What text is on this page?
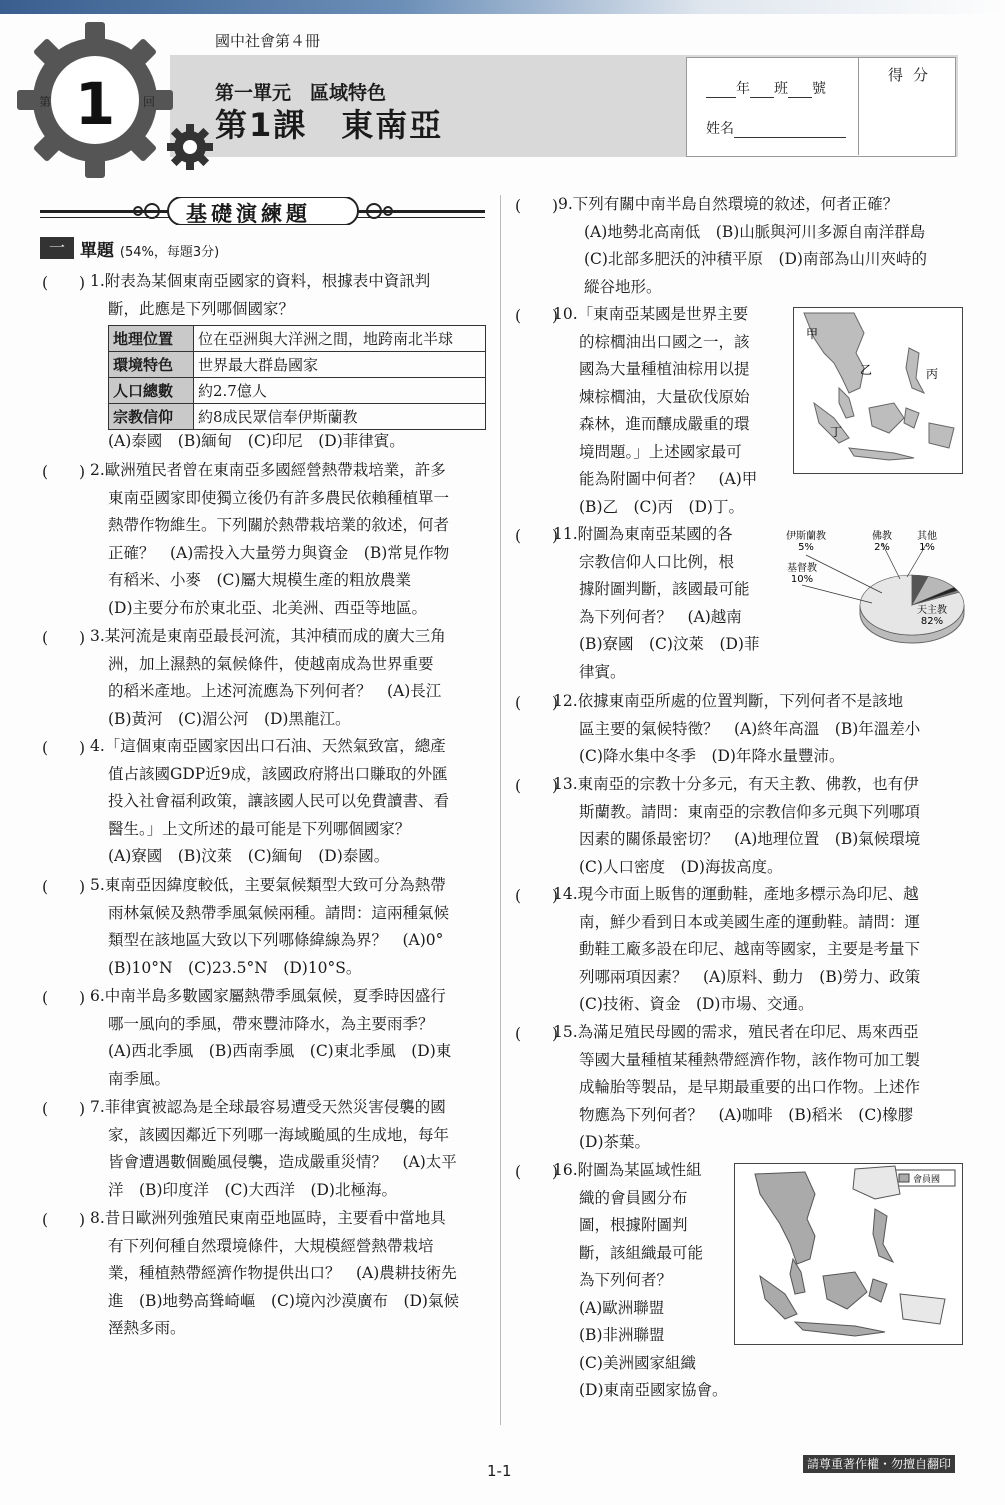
第 1 回
國中社會第４冊
第一單元　區域特色
第1課　東南亞
得分
年 班 號
姓名
基礎演練題
一 單題 (54%，每題3分)
(　　) 1.附表為某個東南亞國家的資料，根據表中資訊判
斷，此應是下列哪個國家？
(A)泰國　(B)緬甸　(C)印尼　(D)菲律賓。
(　　) 2.歐洲殖民者曾在東南亞多國經營熱帶栽培業，許多
東南亞國家即使獨立後仍有許多農民依賴種植單一
熱帶作物維生。下列關於熱帶栽培業的敘述，何者
正確？　(A)需投入大量勞力與資金　(B)常見作物
有稻米、小麥　(C)屬大規模生產的粗放農業
(D)主要分布於東北亞、北美洲、西亞等地區。
(　　) 3.某河流是東南亞最長河流，其沖積而成的廣大三角
洲，加上濕熱的氣候條件，使越南成為世界重要
的稻米產地。上述河流應為下列何者？　(A)長江
(B)黃河　(C)湄公河　(D)黑龍江。
(　　) 4.「這個東南亞國家因出口石油、天然氣致富，總產
值占該國GDP近9成，該國政府將出口賺取的外匯
投入社會福利政策，讓該國人民可以免費讀書、看
醫生。」上文所述的最可能是下列哪個國家？
(A)寮國　(B)汶萊　(C)緬甸　(D)泰國。
(　　) 5.東南亞因緯度較低，主要氣候類型大致可分為熱帶
雨林氣候及熱帶季風氣候兩種。請問：這兩種氣候
類型在該地區大致以下列哪條緯線為界？　(A)0°
(B)10°N　(C)23.5°N　(D)10°S。
(　　) 6.中南半島多數國家屬熱帶季風氣候，夏季時因盛行
哪一風向的季風，帶來豐沛降水，為主要雨季？
(A)西北季風　(B)西南季風　(C)東北季風　(D)東
南季風。
(　　) 7.菲律賓被認為是全球最容易遭受天然災害侵襲的國
家，該國因鄰近下列哪一海域颱風的生成地，每年
皆會遭遇數個颱風侵襲，造成嚴重災情？　(A)太平
洋　(B)印度洋　(C)大西洋　(D)北極海。
(　　) 8.昔日歐洲列強殖民東南亞地區時，主要看中當地具
有下列何種自然環境條件，大規模經營熱帶栽培
業，種植熱帶經濟作物提供出口？　(A)農耕技術先
進　(B)地勢高聳崎嶇　(C)境內沙漠廣布　(D)氣候
溼熱多雨。
地理位置	位在亞洲與大洋洲之間，地跨南北半球
環境特色	世界最大群島國家
人口總數	約2.7億人
宗教信仰	約8成民眾信奉伊斯蘭教
(　　) 9.下列有關中南半島自然環境的敘述，何者正確？
(A)地勢北高南低　(B)山脈與河川多源自南洋群島
(C)北部多肥沃的沖積平原　(D)南部為山川夾峙的
縱谷地形。
(　　)
10.「東南亞某國是世界主要
的棕櫚油出口國之一，該
國為大量種植油棕用以提
煉棕櫚油，大量砍伐原始
森林，進而釀成嚴重的環
境問題。」上述國家最可
能為附圖中何者？　(A)甲
(B)乙　(C)丙　(D)丁。
(　　)
11.附圖為東南亞某國的各
宗教信仰人口比例，根
據附圖判斷，該國最可能
為下列何者？　(A)越南
(B)寮國　(C)汶萊　(D)菲
律賓。
(　　)
12.依據東南亞所處的位置判斷，下列何者不是該地
區主要的氣候特徵？　(A)終年高溫　(B)年溫差小
(C)降水集中冬季　(D)年降水量豐沛。
(　　)
13.東南亞的宗教十分多元，有天主教、佛教，也有伊
斯蘭教。請問：東南亞的宗教信仰多元與下列哪項
因素的關係最密切？　(A)地理位置　(B)氣候環境
(C)人口密度　(D)海拔高度。
(　　)
14.現今市面上販售的運動鞋，產地多標示為印尼、越
南，鮮少看到日本或美國生產的運動鞋。請問：運
動鞋工廠多設在印尼、越南等國家，主要是考量下
列哪兩項因素？　(A)原料、動力　(B)勞力、政策
(C)技術、資金　(D)市場、交通。
(　　)
15.為滿足殖民母國的需求，殖民者在印尼、馬來西亞
等國大量種植某種熱帶經濟作物，該作物可加工製
成輪胎等製品，是早期最重要的出口作物。上述作
物應為下列何者？　(A)咖啡　(B)稻米　(C)橡膠
(D)茶葉。
(　　)
16.附圖為某區域性組
織的會員國分布
圖，根據附圖判
斷，該組織最可能
為下列何者？
(A)歐洲聯盟
(B)非洲聯盟
(C)美洲國家組織
(D)東南亞國家協會。
甲
乙	丙
丁
天主教 82%
伊斯蘭教 5%
基督教 10%
佛教 2%
其他 1%
會員國
1-1	請尊重著作權・勿擅自翻印
